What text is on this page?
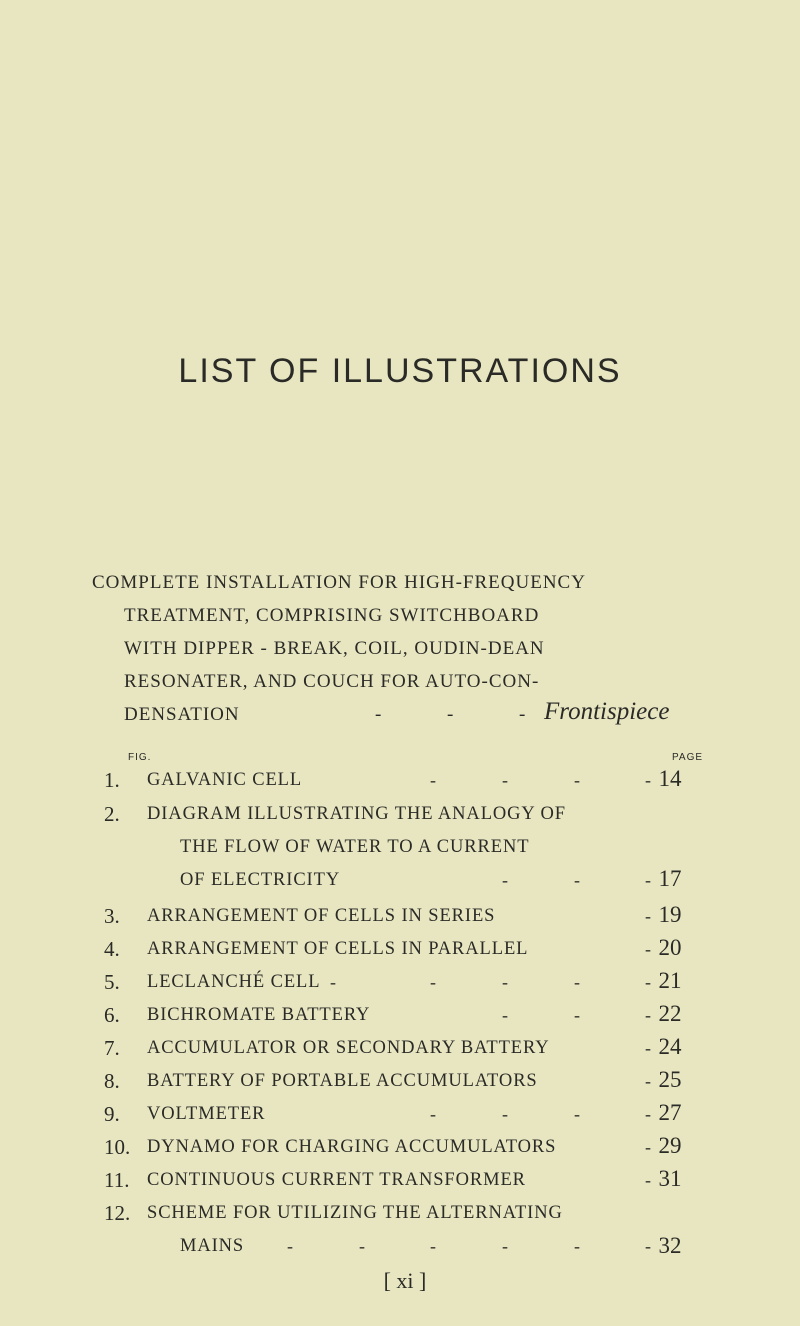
LIST OF ILLUSTRATIONS
COMPLETE INSTALLATION FOR HIGH-FREQUENCY
TREATMENT, COMPRISING SWITCHBOARD
WITH DIPPER - BREAK, COIL, OUDIN-DEAN
RESONATER, AND COUCH FOR AUTO-CON-
DENSATION	-	-	- Frontispiece
FIG.	PAGE
1.	GALVANIC CELL	-	-	-	- 14
2.	DIAGRAM ILLUSTRATING THE ANALOGY OF
THE FLOW OF WATER TO A CURRENT
OF ELECTRICITY	-	-	- 17
3.	ARRANGEMENT OF CELLS IN SERIES	- 19
4.	ARRANGEMENT OF CELLS IN PARALLEL	- 20
5.	LECLANCHÉ CELL -	-	-	-	- 21
6.	BICHROMATE BATTERY	-	-	- 22
7.	ACCUMULATOR OR SECONDARY BATTERY	- 24
8.	BATTERY OF PORTABLE ACCUMULATORS	- 25
9.	VOLTMETER	-	-	-	- 27
10. DYNAMO FOR CHARGING ACCUMULATORS	- 29
11. CONTINUOUS CURRENT TRANSFORMER	- 31
12. SCHEME FOR UTILIZING THE ALTERNATING
MAINS -	-	-	-	-	- 32
[ xi ]
